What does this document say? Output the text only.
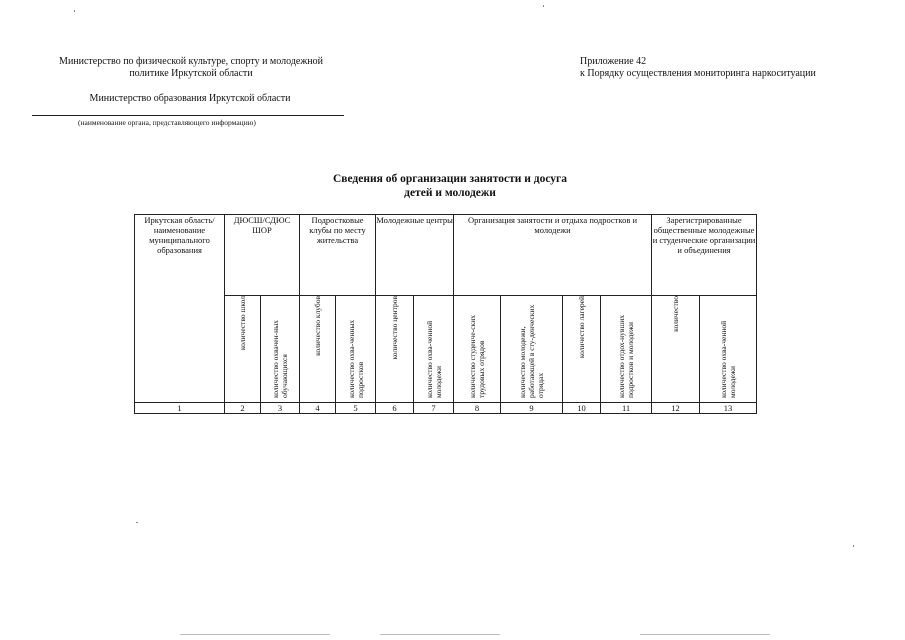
Министерство по физической культуре, спорту и молодежной
политике Иркутской области
Министерство образования Иркутской области
(наименование органа, представляющего информацию)
Приложение 42
к Порядку осуществления мониторинга наркоситуации
Сведения об организации занятости и досуга
детей и молодежи
Иркутская область/ наименование муниципального образования	ДЮСШ/СДЮС ШОР		Подростковые клубы по месту жительства		Молодежные центры		Организация занятости и отдыха подростков и молодежи				Зарегистрированные общественные молодежные и студенческие организации и объединения	

	количество школ	количество охвачен-ных обучающихся	количество клубов	количество охва-ченных подростков	количество центров	количество охва-ченной молодежи	количество студенче-ских трудовых отрядов	количество молодежи, работающей в сту-денческих отрядах	количество лагерей	количество отдох-нувших подростков и молодежи	количество	количество охва-ченной молодежи

1	2	3	4	5	6	7	8	9	10	11	12	13
